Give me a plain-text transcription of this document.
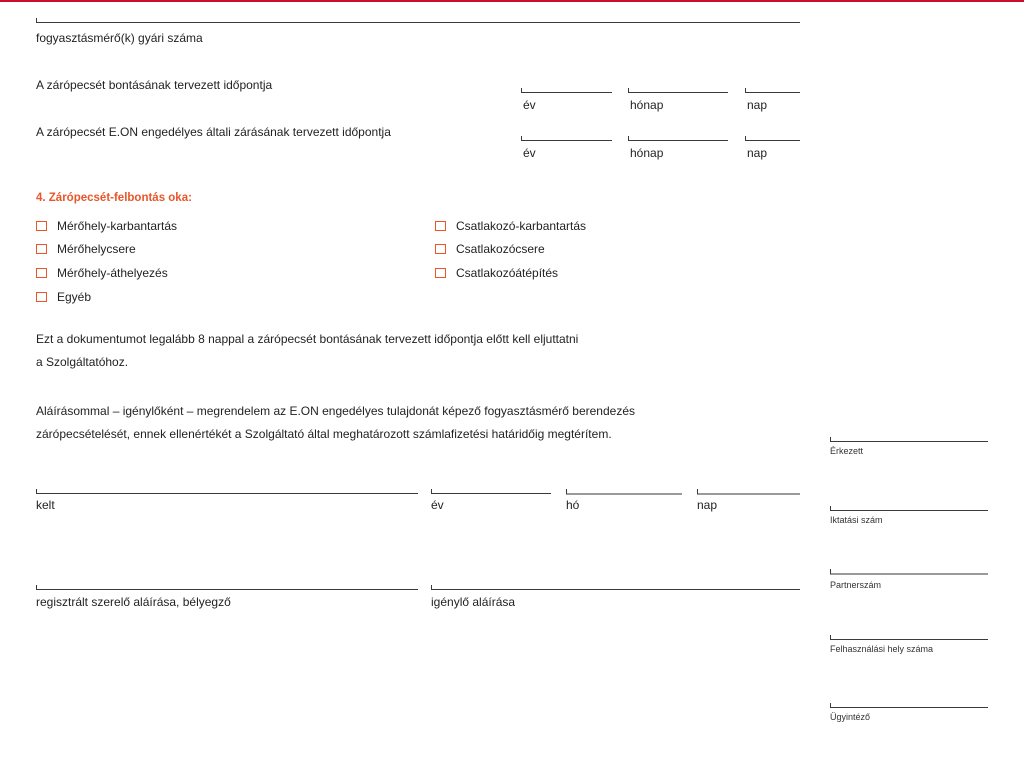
fogyasztásmérő(k) gyári száma
A zárópecsét bontásának tervezett időpontja
év	hónap	nap
A zárópecsét E.ON engedélyes általi zárásának tervezett időpontja
év	hónap	nap
4. Zárópecsét-felbontás oka:
Mérőhely-karbantartás
Mérőhelycsere
Mérőhely-áthelyezés
Egyéb
Csatlakozó-karbantartás
Csatlakozócsere
Csatlakozóátépítés
Ezt a dokumentumot legalább 8 nappal a zárópecsét bontásának tervezett időpontja előtt kell eljuttatni
a Szolgáltatóhoz.
Aláírásommal – igénylőként – megrendelem az E.ON engedélyes tulajdonát képező fogyasztásmérő berendezés
zárópecsételését, ennek ellenértékét a Szolgáltató által meghatározott számlafizetési határidőig megtérítem.
kelt	év	hó	nap
regisztrált szerelő aláírása, bélyegző	igénylő aláírása
Érkezett
Iktatási szám
Partnerszám
Felhasználási hely száma
Ügyintéző
